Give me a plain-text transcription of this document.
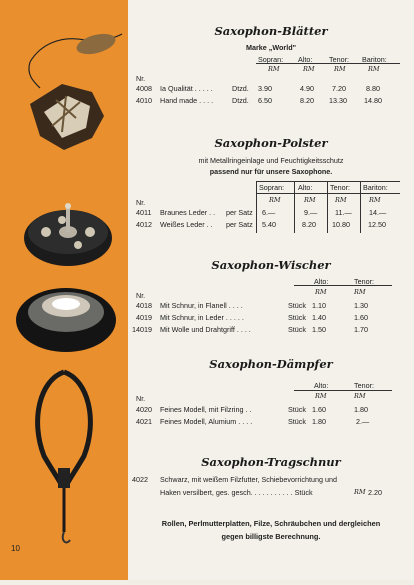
10
Saxophon-Blätter
Marke „World"
Sopran: Alto: Tenor: Bariton:
Nr.
RM	RM	RM	RM
4008 Ia Qualität . . . . .	Dtzd. 3.90	4.90	7.20	8.80
4010 Hand made . . . .	Dtzd. 6.50	8.20 13.30 14.80
Saxophon-Polster
mit Metallringeinlage und Feuchtigkeitsschutz
passend nur für unsere Saxophone.
Sopran: Alto: Tenor: Bariton:
Nr.	RM	RM	RM	RM
4011 Braunes Leder . . per Satz 6.—	9.— 11.— 14.—
4012 Weißes Leder . . per Satz 5.40	8.20 10.80	12.50
Saxophon-Wischer
Alto:	Tenor:
Nr.	RM	RM
4018 Mit Schnur, in Flanell . . . .	Stück 1.10	1.30
4019 Mit Schnur, in Leder . . . . .	Stück 1.40	1.60
14019 Mit Wolle und Drahtgriff . . . .	Stück 1.50	1.70
Saxophon-Dämpfer
Alto:	Tenor:
Nr.	RM	RM
4020 Feines Modell, mit Filzring . .	Stück 1.60	1.80
4021 Feines Modell, Alumium . . . .	Stück 1.80	2.—
Saxophon-Tragschnur
4022 Schwarz, mit weißem Filzfutter, Schiebevorrichtung und
Haken versilbert, ges. gesch. . . . . . . . . . . Stück	RM 2.20
Rollen, Perlmutterplatten, Filze, Schräubchen und dergleichen
gegen billigste Berechnung.
